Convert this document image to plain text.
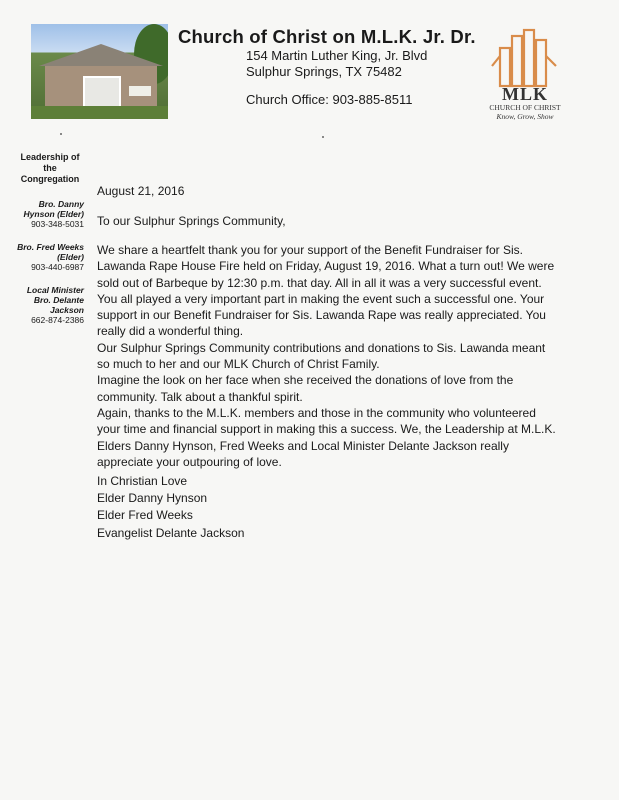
Church of Christ on M.L.K. Jr. Dr.
154 Martin Luther King, Jr. Blvd
Sulphur Springs, TX 75482
Church Office: 903-885-8511	MLK
CHURCH OF CHRIST
Know, Grow, Show
Leadership of the Congregation
Bro. Danny Hynson (Elder)
903-348-5031
Bro. Fred Weeks (Elder)
903-440-6987
Local Minister Bro. Delante Jackson
662-874-2386
August 21, 2016
To our Sulphur Springs Community,

We share a heartfelt thank you for your support of the Benefit Fundraiser for Sis. Lawanda Rape House Fire held on Friday, August 19, 2016. What a turn out! We were sold out of Barbeque by 12:30 p.m. that day. All in all it was a very successful event. You all played a very important part in making the event such a successful one. Your support in our Benefit Fundraiser for Sis. Lawanda Rape was really appreciated. You really did a wonderful thing.

Our Sulphur Springs Community contributions and donations to Sis. Lawanda meant so much to her and our MLK Church of Christ Family.

Imagine the look on her face when she received the donations of love from the community. Talk about a thankful spirit.

Again, thanks to the M.L.K. members and those in the community who volunteered your time and financial support in making this a success. We, the Leadership at M.L.K. Elders Danny Hynson, Fred Weeks and Local Minister Delante Jackson really appreciate your outpouring of love.

In Christian Love
Elder Danny Hynson
Elder Fred Weeks
Evangelist Delante Jackson
